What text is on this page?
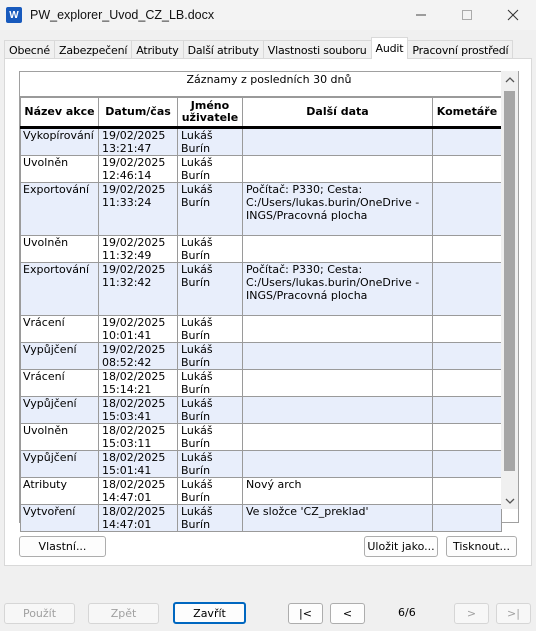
W PW_explorer_Uvod_CZ_LB.docx
Obecné Zabezpečení Atributy Další atributy Vlastnosti souboru Audit Pracovní prostředí
Záznamy z posledních 30 dnů
Název akce	Datum/čas	Jméno uživatele	Další data	Kometáře
Vykopírování	19/02/2025 13:21:47	Lukáš Burín		
Uvolněn	19/02/2025 12:46:14	Lukáš Burín		
Exportování	19/02/2025 11:33:24	Lukáš Burín	Počítač: P330; Cesta: C:/Users/lukas.burin/OneDrive - INGS/Pracovná plocha	
Uvolněn	19/02/2025 11:32:49	Lukáš Burín		
Exportování	19/02/2025 11:32:42	Lukáš Burín	Počítač: P330; Cesta: C:/Users/lukas.burin/OneDrive - INGS/Pracovná plocha	
Vrácení	19/02/2025 10:01:41	Lukáš Burín		
Vypůjčení	19/02/2025 08:52:42	Lukáš Burín		
Vrácení	18/02/2025 15:14:21	Lukáš Burín		
Vypůjčení	18/02/2025 15:03:41	Lukáš Burín		
Uvolněn	18/02/2025 15:03:11	Lukáš Burín		
Vypůjčení	18/02/2025 15:01:41	Lukáš Burín		
Atributy	18/02/2025 14:47:01	Lukáš Burín	Nový arch	
Vytvoření	18/02/2025 14:47:01	Lukáš Burín	Ve složce 'CZ_preklad'	
Vlastní...	Uložit jako...	Tisknout...
Použít	Zpět	Zavřít	|<	<	6/6	>	>|
